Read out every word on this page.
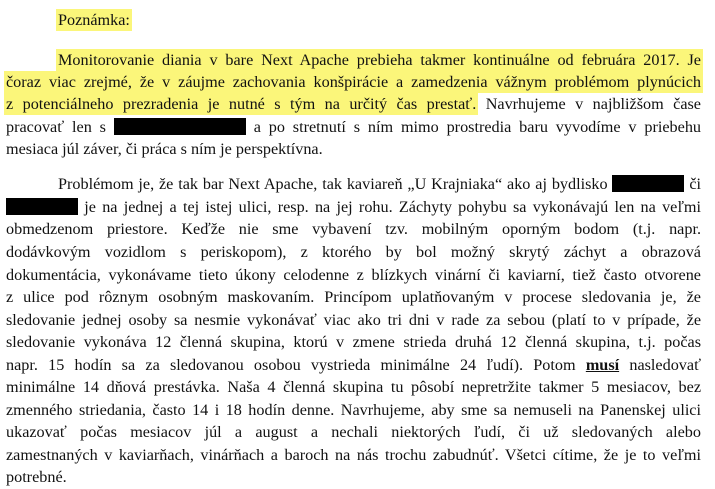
Poznámka:
Monitorovanie diania v bare Next Apache prebieha takmer kontinuálne od februára 2017. Je
čoraz viac zrejmé, že v záujme zachovania konšpirácie a zamedzenia vážnym problémom plynúcich
z potenciálneho prezradenia je nutné s tým na určitý čas prestať. Navrhujeme v najbližšom čase
pracovať len s	a po stretnutí s ním mimo prostredia baru vyvodíme v priebehu
mesiaca júl záver, či práca s ním je perspektívna.
Problémom je, že tak bar Next Apache, tak kaviareň „U Krajniaka“ ako aj bydlisko	či
je na jednej a tej istej ulici, resp. na jej rohu. Záchyty pohybu sa vykonávajú len na veľmi
obmedzenom priestore. Keďže nie sme vybavení tzv. mobilným oporným bodom (t.j. napr.
dodávkovým vozidlom s periskopom), z ktorého by bol možný skrytý záchyt a obrazová
dokumentácia, vykonávame tieto úkony celodenne z blízkych vinární či kaviarní, tiež často otvorene
z ulice pod rôznym osobným maskovaním. Princípom uplatňovaným v procese sledovania je, že
sledovanie jednej osoby sa nesmie vykonávať viac ako tri dni v rade za sebou (platí to v prípade, že
sledovanie vykonáva 12 členná skupina, ktorú v zmene strieda druhá 12 členná skupina, t.j. počas
napr. 15 hodín sa za sledovanou osobou vystrieda minimálne 24 ľudí). Potom musí nasledovať
minimálne 14 dňová prestávka. Naša 4 členná skupina tu pôsobí nepretržite takmer 5 mesiacov, bez
zmenného striedania, často 14 i 18 hodín denne. Navrhujeme, aby sme sa nemuseli na Panenskej ulici
ukazovať počas mesiacov júl a august a nechali niektorých ľudí, či už sledovaných alebo
zamestnaných v kaviarňach, vinárňach a baroch na nás trochu zabudnúť. Všetci cítime, že je to veľmi
potrebné.
